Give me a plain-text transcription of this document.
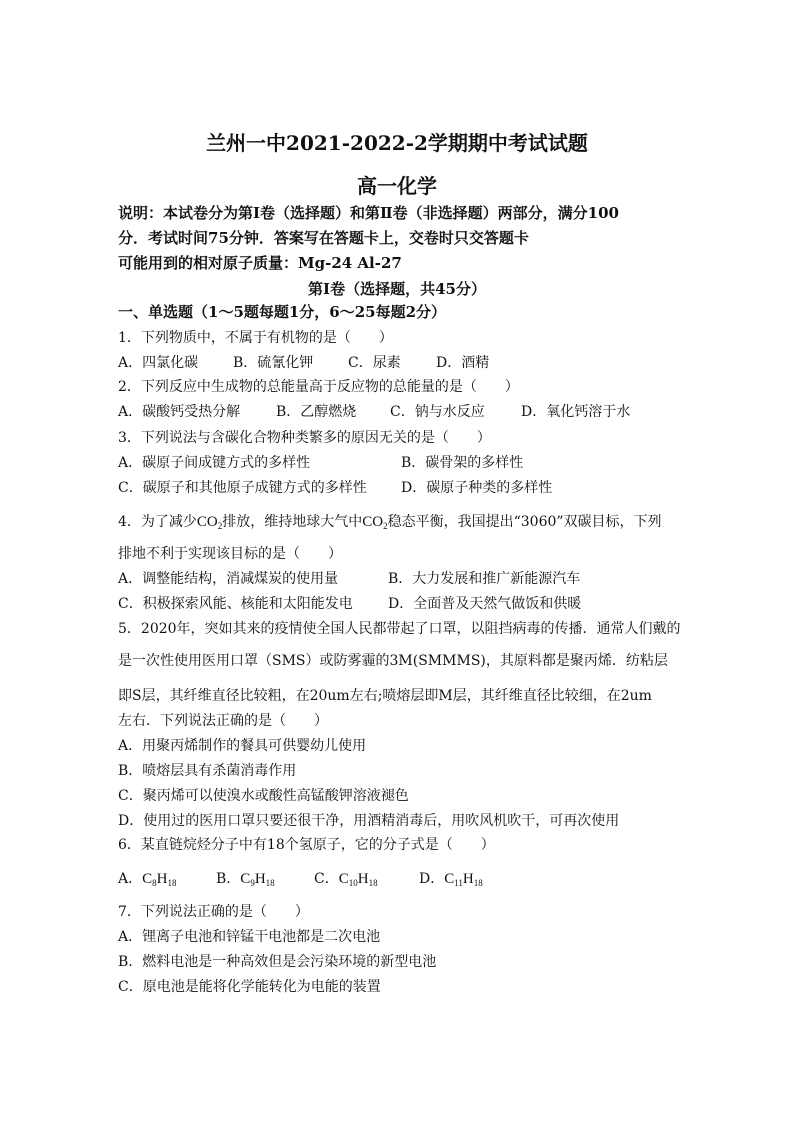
兰州一中2021-2022-2学期期中考试试题
高一化学
说明：本试卷分为第Ⅰ卷（选择题）和第Ⅱ卷（非选择题）两部分，满分100
分．考试时间75分钟．答案写在答题卡上，交卷时只交答题卡
可能用到的相对原子质量：Mg-24 Al-27
第Ⅰ卷（选择题，共45分）
一、单选题（1～5题每题1分，6～25每题2分）
1．下列物质中，不属于有机物的是（　　）
A．四氯化碳 B．硫氰化钾 C．尿素	D．酒精
2．下列反应中生成物的总能量高于反应物的总能量的是（　　）
A．碳酸钙受热分解	B．乙醇燃烧 C．钠与水反应	D．氧化钙溶于水
3．下列说法与含碳化合物种类繁多的原因无关的是（　　）
A．碳原子间成键方式的多样性	B．碳骨架的多样性
C．碳原子和其他原子成键方式的多样性 D．碳原子种类的多样性
4．为了减少$CO_2$排放，维持地球大气中$CO_2$稳态平衡，我国提出“3060”双碳目标，下列
排地不利于实现该目标的是（　　）
A．调整能结构，消减煤炭的使用量	B．大力发展和推广新能源汽车
C．积极探索风能、核能和太阳能发电	D．全面普及天然气做饭和供暖
5．2020年，突如其来的疫情使全国人民都带起了口罩，以阻挡病毒的传播．通常人们戴的
是一次性使用医用口罩（SMS）或防雾霾的3M(SMMMS)，其原料都是聚丙烯．纺粘层
即S层，其纤维直径比较粗，在20um左右;喷熔层即M层，其纤维直径比较细，在2um
左右．下列说法正确的是（　　）
A．用聚丙烯制作的餐具可供婴幼儿使用
B．喷熔层具有杀菌消毒作用
C．聚丙烯可以使溴水或酸性高锰酸钾溶液褪色
D．使用过的医用口罩只要还很干净，用酒精消毒后，用吹风机吹干，可再次使用
6．某直链烷烃分子中有18个氢原子，它的分子式是（　　）
A．$C_8H_{18}$	B．$C_9H_{18}$	C．$C_{10}H_{18}$	D．$C_{11}H_{18}$
7．下列说法正确的是（　　）
A．锂离子电池和锌锰干电池都是二次电池
B．燃料电池是一种高效但是会污染环境的新型电池
C．原电池是能将化学能转化为电能的装置
